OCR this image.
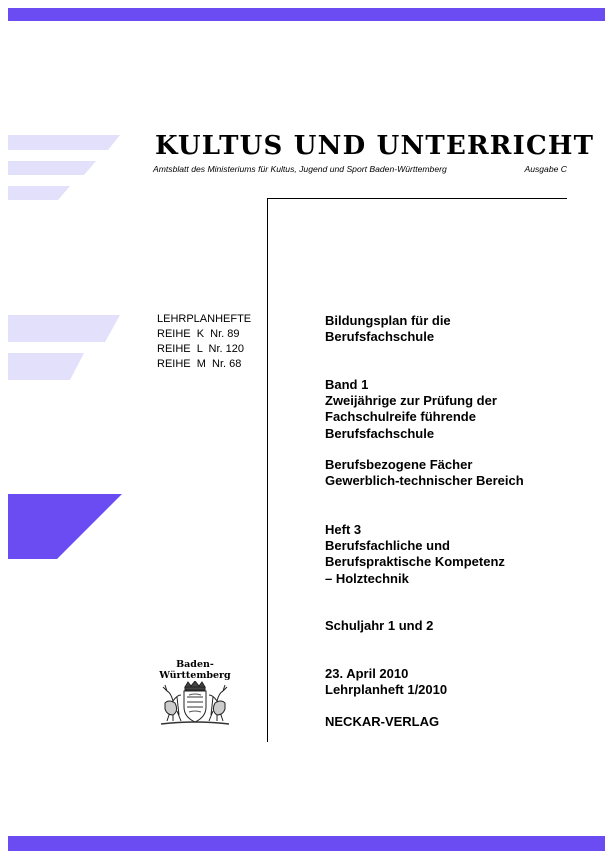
KULTUS UND UNTERRICHT
Amtsblatt des Ministeriums für Kultus, Jugend und Sport Baden-Württemberg	Ausgabe C
LEHRPLANHEFTE
REIHE  K  Nr. 89
REIHE  L  Nr. 120
REIHE  M  Nr. 68
Bildungsplan für die
Berufsfachschule
Band 1
Zweijährige zur Prüfung der
Fachschulreife führende
Berufsfachschule
Berufsbezogene Fächer
Gewerblich-technischer Bereich
Heft 3
Berufsfachliche und
Berufspraktische Kompetenz
– Holztechnik
Schuljahr 1 und 2
23. April 2010
Lehrplanheft 1/2010
NECKAR-VERLAG
Baden-
Württemberg
